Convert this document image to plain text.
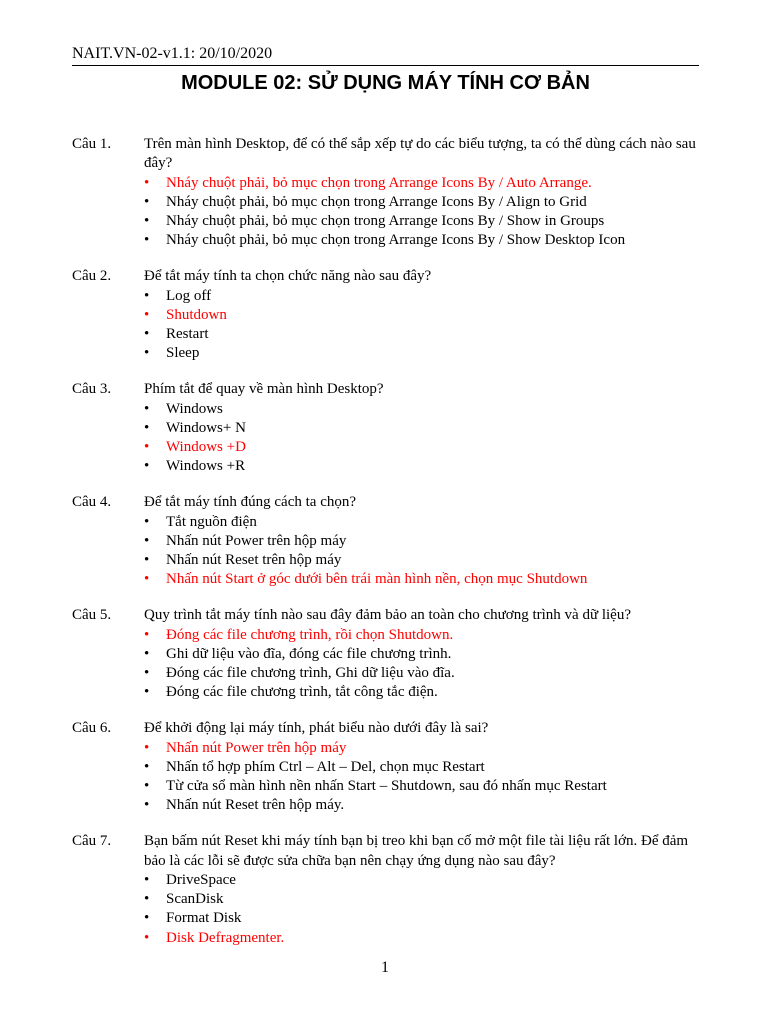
NAIT.VN-02-v1.1: 20/10/2020
MODULE 02: SỬ DỤNG MÁY TÍNH CƠ BẢN
Câu 1.	Trên màn hình Desktop, để có thể sắp xếp tự do các biểu tượng, ta có thể dùng cách nào sau đây?
•	Nháy chuột phải, bỏ mục chọn trong Arrange Icons By / Auto Arrange.
•	Nháy chuột phải, bỏ mục chọn trong Arrange Icons By / Align to Grid
•	Nháy chuột phải, bỏ mục chọn trong Arrange Icons By / Show in Groups
•	Nháy chuột phải, bỏ mục chọn trong Arrange Icons By / Show Desktop Icon
Câu 2.	Để tắt máy tính ta chọn chức năng nào sau đây?
•	Log off
•	Shutdown
•	Restart
•	Sleep
Câu 3.	Phím tắt để quay về màn hình Desktop?
•	Windows
•	Windows+ N
•	Windows +D
•	Windows +R
Câu 4.	Để tắt máy tính đúng cách ta chọn?
•	Tắt nguồn điện
•	Nhấn nút Power trên hộp máy
•	Nhấn nút Reset trên hộp máy
•	Nhấn nút Start ở góc dưới bên trái màn hình nền, chọn mục Shutdown
Câu 5.	Quy trình tắt máy tính nào sau đây đảm bảo an toàn cho chương trình và dữ liệu?
•	Đóng các file chương trình, rồi chọn Shutdown.
•	Ghi dữ liệu vào đĩa, đóng các file chương trình.
•	Đóng các file chương trình, Ghi dữ liệu vào đĩa.
•	Đóng các file chương trình, tắt công tắc điện.
Câu 6.	Để khởi động lại máy tính, phát biểu nào dưới đây là sai?
•	Nhấn nút Power trên hộp máy
•	Nhấn tổ hợp phím Ctrl – Alt – Del, chọn mục Restart
•	Từ cửa sổ màn hình nền nhấn Start – Shutdown, sau đó nhấn mục Restart
•	Nhấn nút Reset trên hộp máy.
Câu 7.	Bạn bấm nút Reset khi máy tính bạn bị treo khi bạn cố mở một file tài liệu rất lớn. Để đảm bảo là các lỗi sẽ được sửa chữa bạn nên chạy ứng dụng nào sau đây?
•	DriveSpace
•	ScanDisk
•	Format Disk
•	Disk Defragmenter.
1
